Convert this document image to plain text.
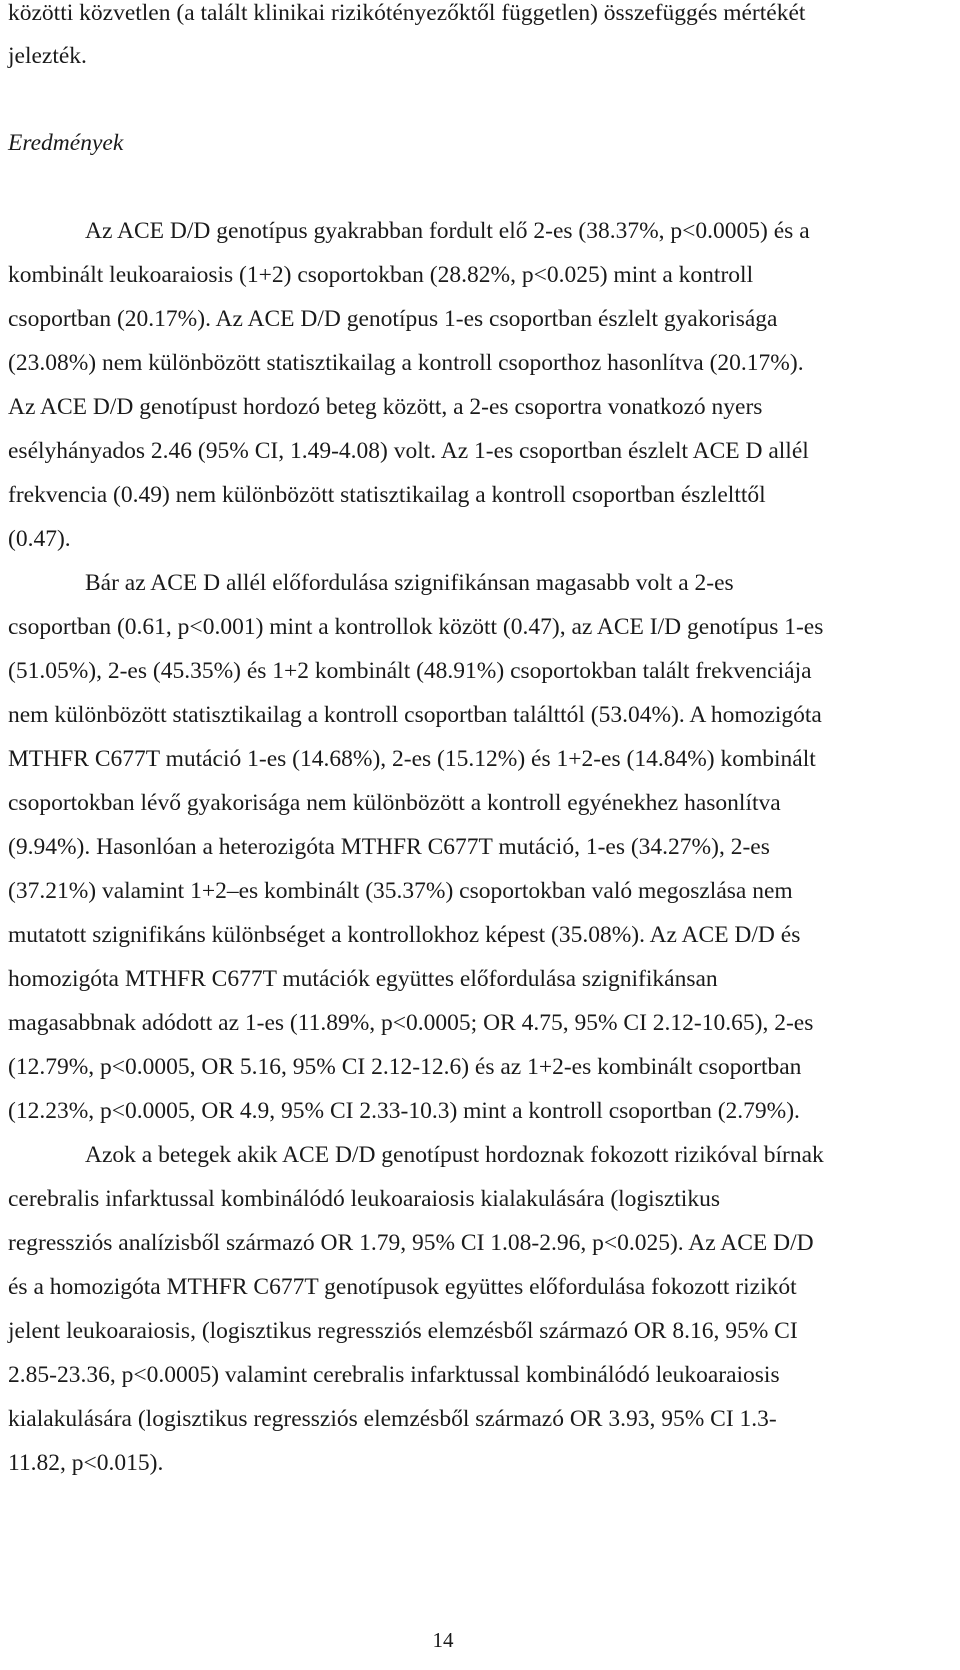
közötti közvetlen (a talált klinikai rizikótényezőktől független) összefüggés mértékét

jelezték.

Eredmények

Az ACE D/D genotípus gyakrabban fordult elő 2-es (38.37%, p<0.0005) és a

kombinált leukoaraiosis (1+2) csoportokban (28.82%, p<0.025) mint a kontroll

csoportban (20.17%). Az ACE D/D genotípus 1-es csoportban észlelt gyakorisága

(23.08%) nem különbözött statisztikailag a kontroll csoporthoz hasonlítva (20.17%).

Az ACE D/D genotípust hordozó beteg között, a 2-es csoportra vonatkozó nyers

esélyhányados 2.46 (95% CI, 1.49-4.08) volt. Az 1-es csoportban észlelt ACE D allél

frekvencia (0.49) nem különbözött statisztikailag a kontroll csoportban észlelttől

(0.47).

Bár az ACE D allél előfordulása szignifikánsan magasabb volt a 2-es

csoportban (0.61, p<0.001) mint a kontrollok között (0.47), az ACE I/D genotípus 1-es

(51.05%), 2-es (45.35%) és 1+2 kombinált (48.91%) csoportokban talált frekvenciája

nem különbözött statisztikailag a kontroll csoportban találttól (53.04%). A homozigóta

MTHFR C677T mutáció 1-es (14.68%), 2-es (15.12%) és 1+2-es (14.84%) kombinált

csoportokban lévő gyakorisága nem különbözött a kontroll egyénekhez hasonlítva

(9.94%). Hasonlóan a heterozigóta MTHFR C677T mutáció, 1-es (34.27%), 2-es

(37.21%) valamint 1+2–es kombinált (35.37%) csoportokban való megoszlása nem

mutatott szignifikáns különbséget a kontrollokhoz képest (35.08%). Az ACE D/D és

homozigóta MTHFR C677T mutációk együttes előfordulása szignifikánsan

magasabbnak adódott az 1-es (11.89%, p<0.0005; OR 4.75, 95% CI 2.12-10.65), 2-es

(12.79%, p<0.0005, OR 5.16, 95% CI 2.12-12.6) és az 1+2-es kombinált csoportban

(12.23%, p<0.0005, OR 4.9, 95% CI 2.33-10.3) mint a kontroll csoportban (2.79%).

Azok a betegek akik ACE D/D genotípust hordoznak fokozott rizikóval bírnak

cerebralis infarktussal kombinálódó leukoaraiosis kialakulására (logisztikus

regressziós analízisből származó OR 1.79, 95% CI 1.08-2.96, p<0.025). Az ACE D/D

és a homozigóta MTHFR C677T genotípusok együttes előfordulása fokozott rizikót

jelent leukoaraiosis, (logisztikus regressziós elemzésből származó OR 8.16, 95% CI

2.85-23.36, p<0.0005) valamint cerebralis infarktussal kombinálódó leukoaraiosis

kialakulására (logisztikus regressziós elemzésből származó OR 3.93, 95% CI 1.3-

11.82, p<0.015).

14
